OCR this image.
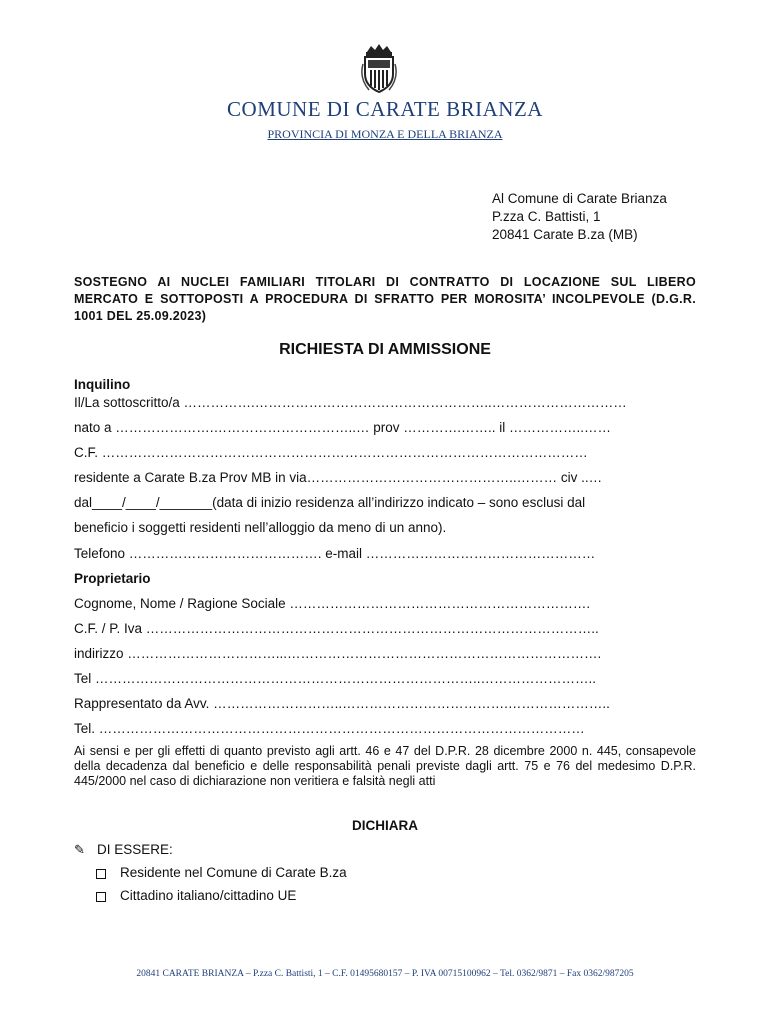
COMUNE DI CARATE BRIANZA
PROVINCIA DI MONZA E DELLA BRIANZA
Al Comune di Carate Brianza
P.zza C. Battisti, 1
20841 Carate B.za (MB)
SOSTEGNO AI NUCLEI FAMILIARI TITOLARI DI CONTRATTO DI LOCAZIONE SUL LIBERO MERCATO E SOTTOPOSTI A PROCEDURA DI SFRATTO PER MOROSITA’ INCOLPEVOLE (D.G.R. 1001 DEL 25.09.2023)
RICHIESTA DI AMMISSIONE
Inquilino
Il/La sottoscritto/a …………….……………………………………………..…………………………
nato a ………………….…………………………..… prov ………….…….. il ……………..……
C.F. ………………………………………………………………………………………………
residente a Carate B.za Prov MB in via………………………………………..……… civ ..…
dal____/____/_______(data di inizio residenza all’indirizzo indicato – sono esclusi dal
beneficio i soggetti residenti nell’alloggio da meno di un anno).
Telefono ……………………………………. e-mail ……………………………………………
Proprietario
Cognome, Nome / Ragione Sociale ………………………………………………………….
C.F. / P. Iva ………………………………………………………………………………………..
indirizzo ……………………………...…………………………………………………………….
Tel …………………………………………………………………………..……………………..
Rappresentato da Avv. ………………………..……………………………….…………………..
Tel. ………………………………………………………………………………………………
Ai sensi e per gli effetti di quanto previsto agli artt. 46 e 47 del D.P.R. 28 dicembre 2000 n. 445, consapevole della decadenza dal beneficio e delle responsabilità penali previste dagli artt. 75 e 76 del medesimo D.P.R. 445/2000 nel caso di dichiarazione non veritiera e falsità negli atti
DICHIARA
✎ DI ESSERE:
Residente nel Comune di Carate B.za
Cittadino italiano/cittadino UE
20841 CARATE BRIANZA – P.zza C. Battisti, 1 – C.F. 01495680157 – P. IVA 00715100962 – Tel. 0362/9871 – Fax 0362/987205
